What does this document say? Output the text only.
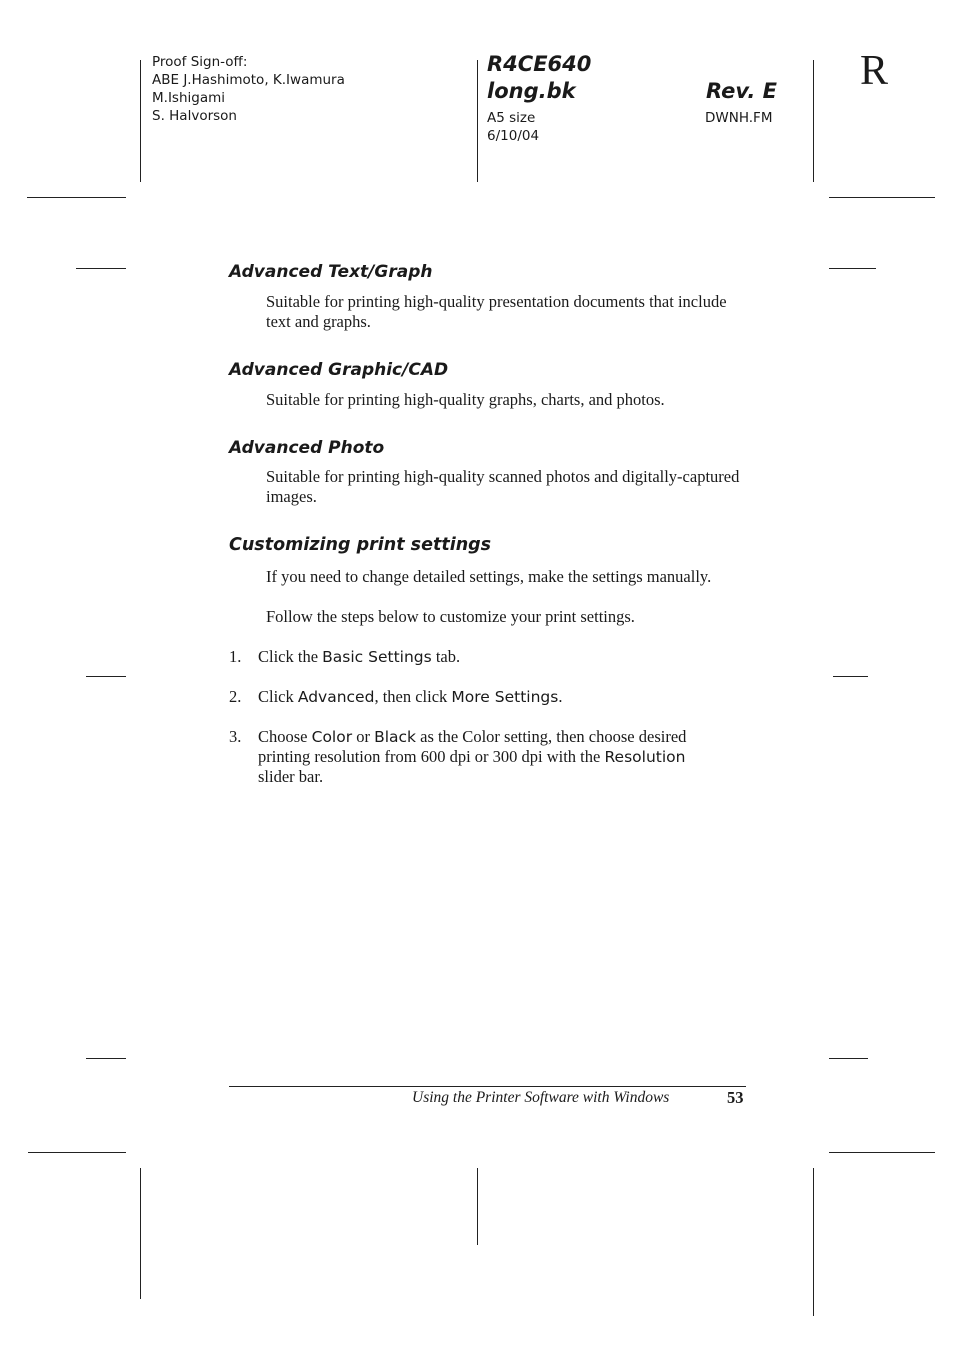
Proof Sign-off:
ABE J.Hashimoto, K.Iwamura
M.Ishigami
S. Halvorson
R4CE640
long.bk	Rev. E
A5 size
6/10/04
DWNH.FM
R
Advanced Text/Graph

Suitable for printing high-quality presentation documents that include text and graphs.

Advanced Graphic/CAD

Suitable for printing high-quality graphs, charts, and photos.

Advanced Photo

Suitable for printing high-quality scanned photos and digitally-captured images.

Customizing print settings

If you need to change detailed settings, make the settings manually.

Follow the steps below to customize your print settings.

1. Click the Basic Settings tab.
2. Click Advanced, then click More Settings.
3. Choose Color or Black as the Color setting, then choose desired printing resolution from 600 dpi or 300 dpi with the Resolution slider bar.
Using the Printer Software with Windows	53
